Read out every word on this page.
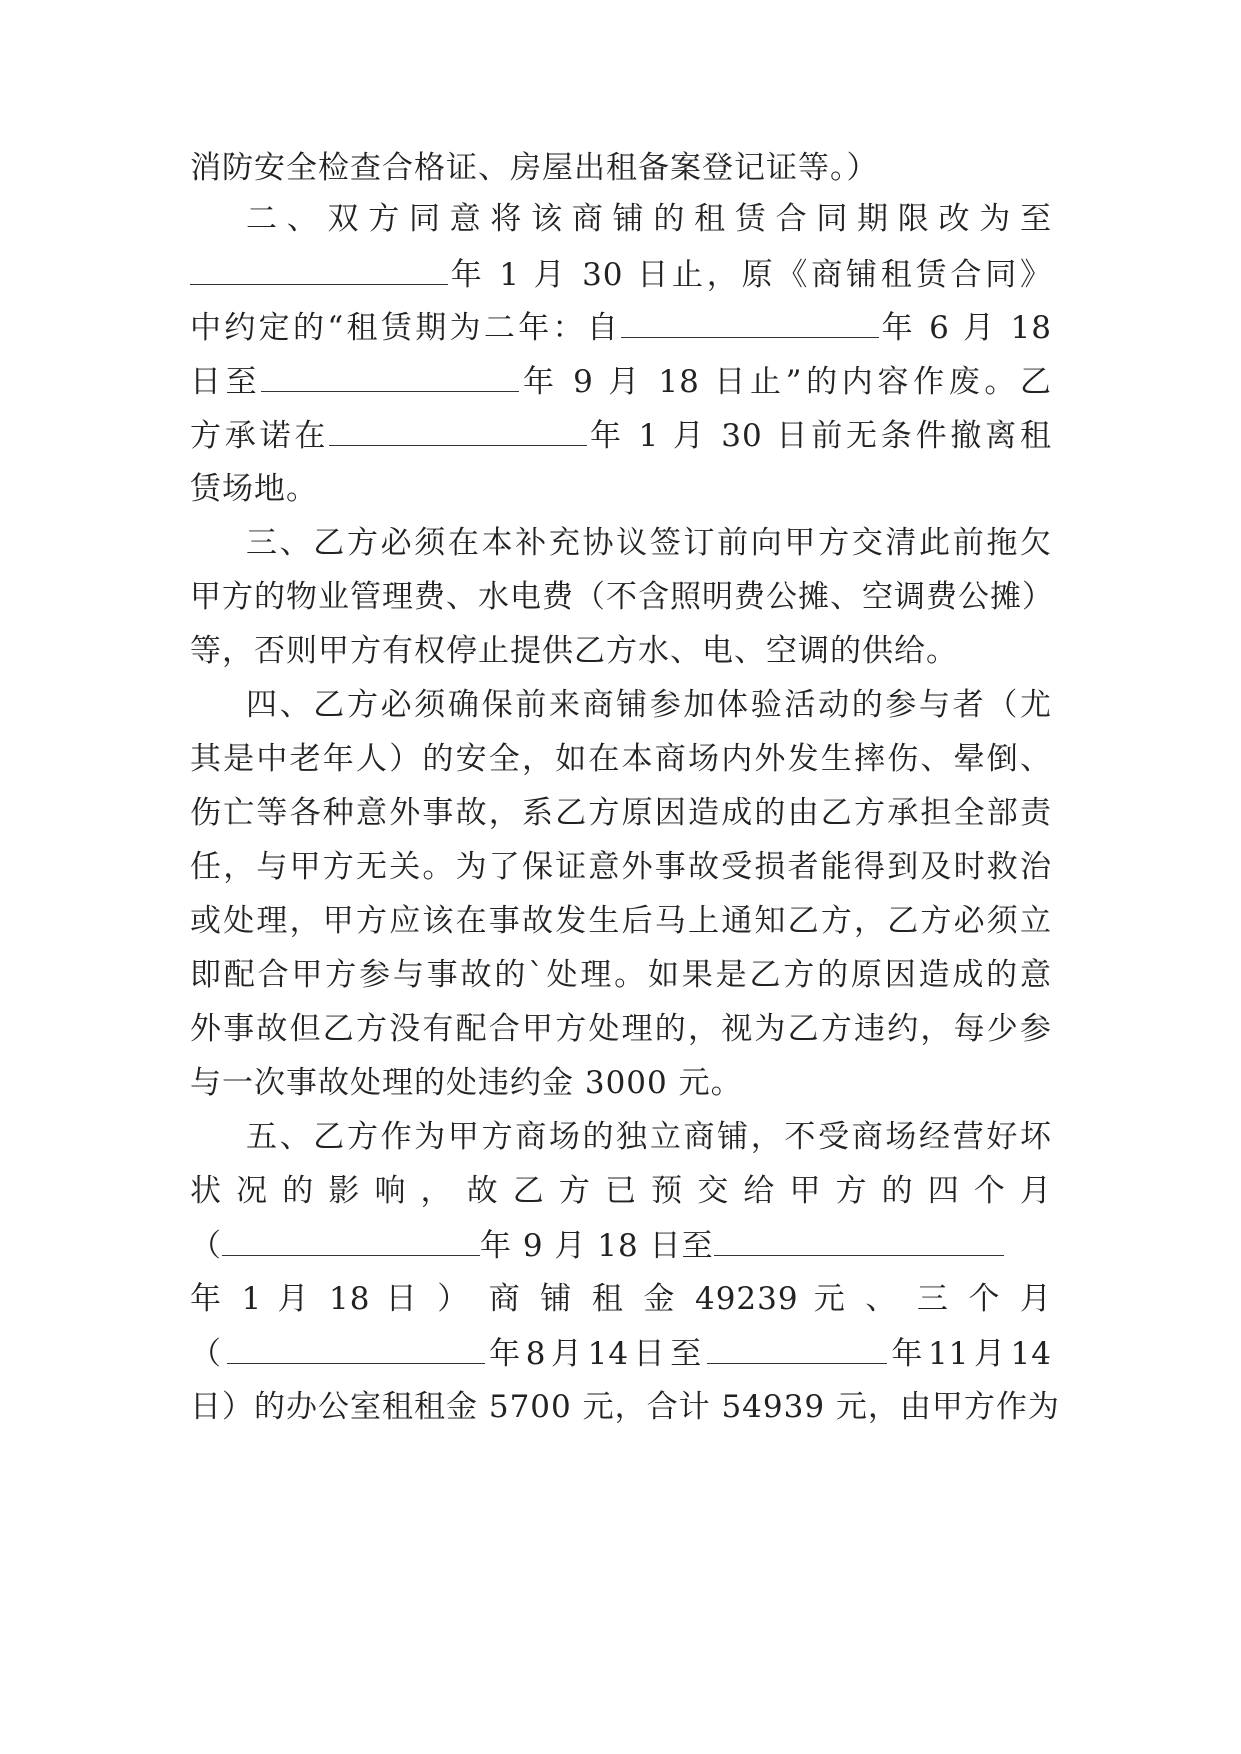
消防安全检查合格证、房屋出租备案登记证等。）
二、双方同意将该商铺的租赁合同期限改为至
年 1 月 30 日止，原《商铺租赁合同》
中约定的“租赁期为二年：自	年 6 月 18
日至	年 9 月 18 日止”的内容作废。乙
方承诺在	年 1 月 30 日前无条件撤离租
赁场地。
三、乙方必须在本补充协议签订前向甲方交清此前拖欠
甲方的物业管理费、水电费（不含照明费公摊、空调费公摊）
等，否则甲方有权停止提供乙方水、电、空调的供给。
四、乙方必须确保前来商铺参加体验活动的参与者（尤
其是中老年人）的安全，如在本商场内外发生摔伤、晕倒、
伤亡等各种意外事故，系乙方原因造成的由乙方承担全部责
任，与甲方无关。为了保证意外事故受损者能得到及时救治
或处理，甲方应该在事故发生后马上通知乙方，乙方必须立
即配合甲方参与事故的`处理。如果是乙方的原因造成的意
外事故但乙方没有配合甲方处理的，视为乙方违约，每少参
与一次事故处理的处违约金 3000 元。
五、乙方作为甲方商场的独立商铺，不受商场经营好坏
状 况 的 影 响 ， 故 乙 方 已 预 交 给 甲 方 的 四 个 月
（	年 9 月 18 日至
年 1 月 18 日 ） 商 铺 租 金 49239 元 、 三 个 月
（	年8月14日至	年11月14
日）的办公室租租金 5700 元，合计 54939 元，由甲方作为
